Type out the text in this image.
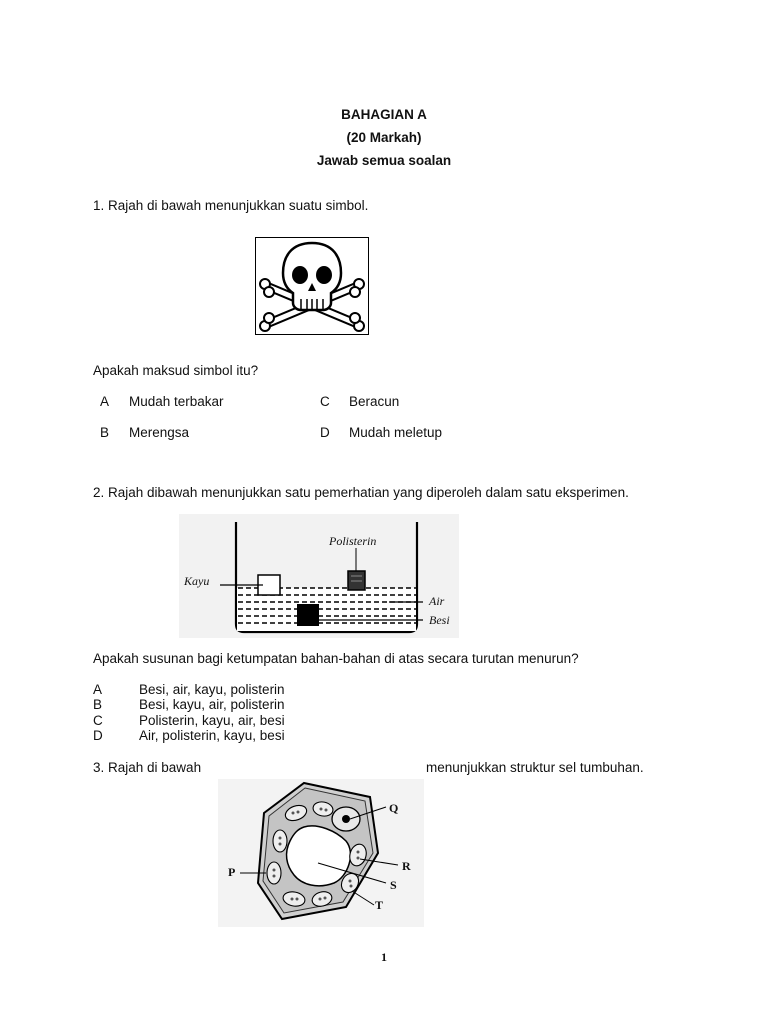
BAHAGIAN A
(20 Markah)
Jawab semua soalan
1. Rajah di bawah menunjukkan suatu simbol.
Apakah maksud simbol itu?
A Mudah terbakar
B Merengsa
C Beracun
D Mudah meletup
2. Rajah dibawah menunjukkan satu pemerhatian yang diperoleh dalam satu eksperimen.
Polisterin
Kayu
Air
Besi
Apakah susunan bagi ketumpatan bahan-bahan di atas secara turutan menurun?
A	Besi, air, kayu, polisterin
B	Besi, kayu, air, polisterin
C	Polisterin, kayu, air, besi
D	Air, polisterin, kayu, besi
3. Rajah di bawah	menunjukkan struktur sel tumbuhan.
P
Q
R
S
T
1
